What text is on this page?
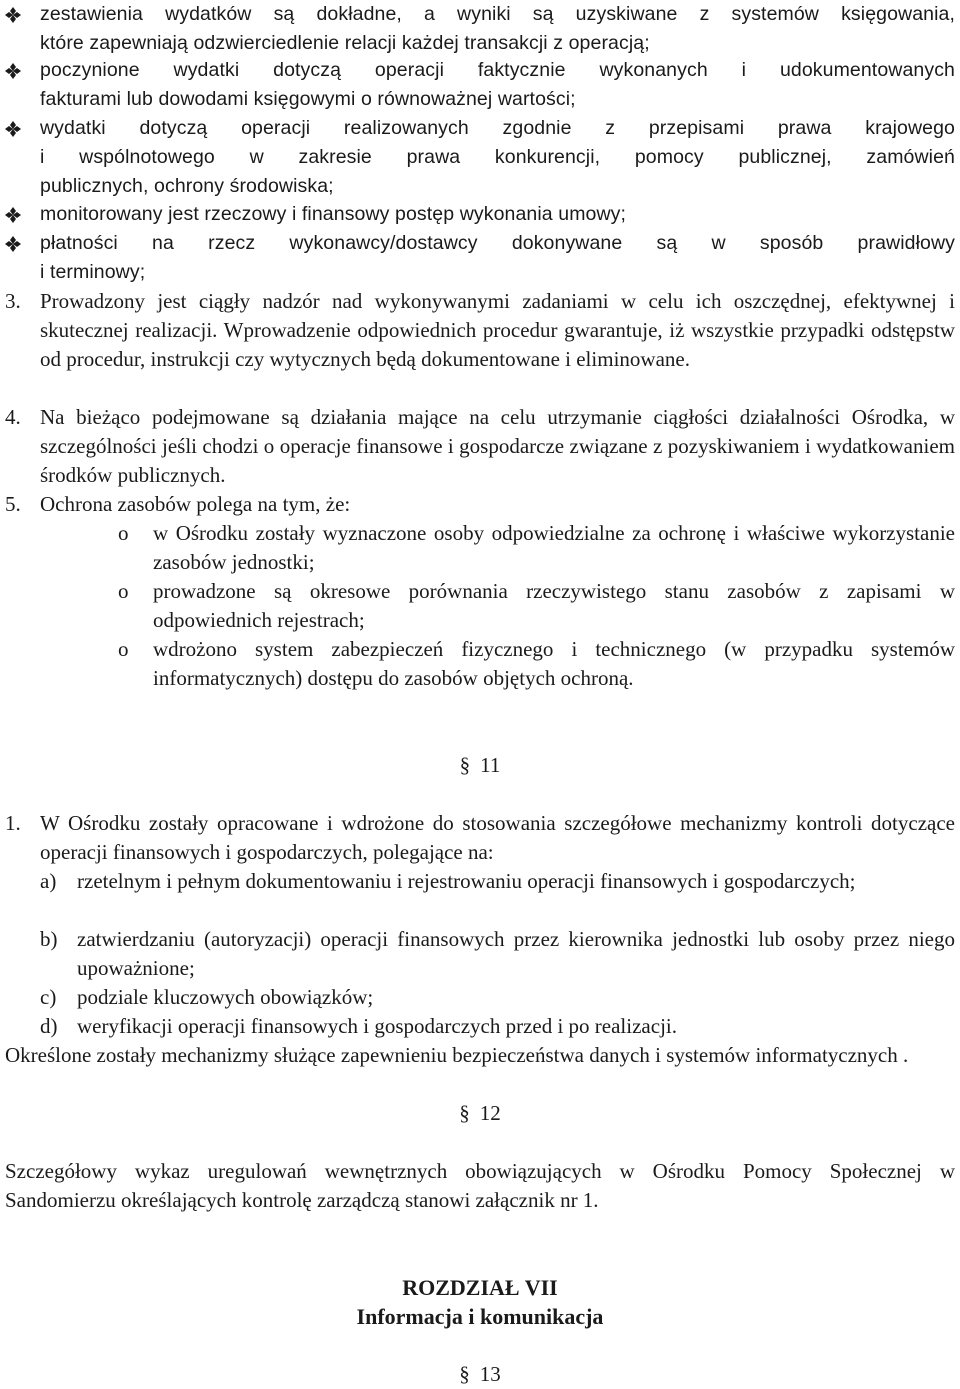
zestawienia wydatków są dokładne, a wyniki są uzyskiwane z systemów księgowania,
które zapewniają odzwierciedlenie relacji każdej transakcji z operacją;
poczynione wydatki dotyczą operacji faktycznie wykonanych i udokumentowanych
fakturami lub dowodami księgowymi o równoważnej wartości;
wydatki dotyczą operacji realizowanych zgodnie z przepisami prawa krajowego
i wspólnotowego w zakresie prawa konkurencji, pomocy publicznej, zamówień
publicznych, ochrony środowiska;
monitorowany jest rzeczowy i finansowy postęp wykonania umowy;
płatności na rzecz wykonawcy/dostawcy dokonywane są w sposób prawidłowy
i terminowy;
3. Prowadzony jest ciągły nadzór nad wykonywanymi zadaniami w celu ich oszczędnej, efektywnej i skutecznej realizacji. Wprowadzenie odpowiednich procedur gwarantuje, iż wszystkie przypadki odstępstw od procedur, instrukcji czy wytycznych będą dokumentowane i eliminowane.
4. Na bieżąco podejmowane są działania mające na celu utrzymanie ciągłości działalności Ośrodka, w szczególności jeśli chodzi o operacje finansowe i gospodarcze związane z pozyskiwaniem i wydatkowaniem środków publicznych.
5. Ochrona zasobów polega na tym, że:
o w Ośrodku zostały wyznaczone osoby odpowiedzialne za ochronę i właściwe wykorzystanie zasobów jednostki;
o prowadzone są okresowe porównania rzeczywistego stanu zasobów z zapisami w odpowiednich rejestrach;
o wdrożono system zabezpieczeń fizycznego i technicznego (w przypadku systemów informatycznych) dostępu do zasobów objętych ochroną.
§ 11
1. W Ośrodku zostały opracowane i wdrożone do stosowania szczegółowe mechanizmy kontroli dotyczące operacji finansowych i gospodarczych, polegające na:
a) rzetelnym i pełnym dokumentowaniu i rejestrowaniu operacji finansowych i gospodarczych;
b) zatwierdzaniu (autoryzacji) operacji finansowych przez kierownika jednostki lub osoby przez niego upoważnione;
c) podziale kluczowych obowiązków;
d) weryfikacji operacji finansowych i gospodarczych przed i po realizacji.
Określone zostały mechanizmy służące zapewnieniu bezpieczeństwa danych i systemów informatycznych .
§ 12
Szczegółowy wykaz uregulowań wewnętrznych obowiązujących w Ośrodku Pomocy Społecznej w Sandomierzu określających kontrolę zarządczą stanowi załącznik nr 1.
ROZDZIAŁ VII
Informacja i komunikacja
§ 13
